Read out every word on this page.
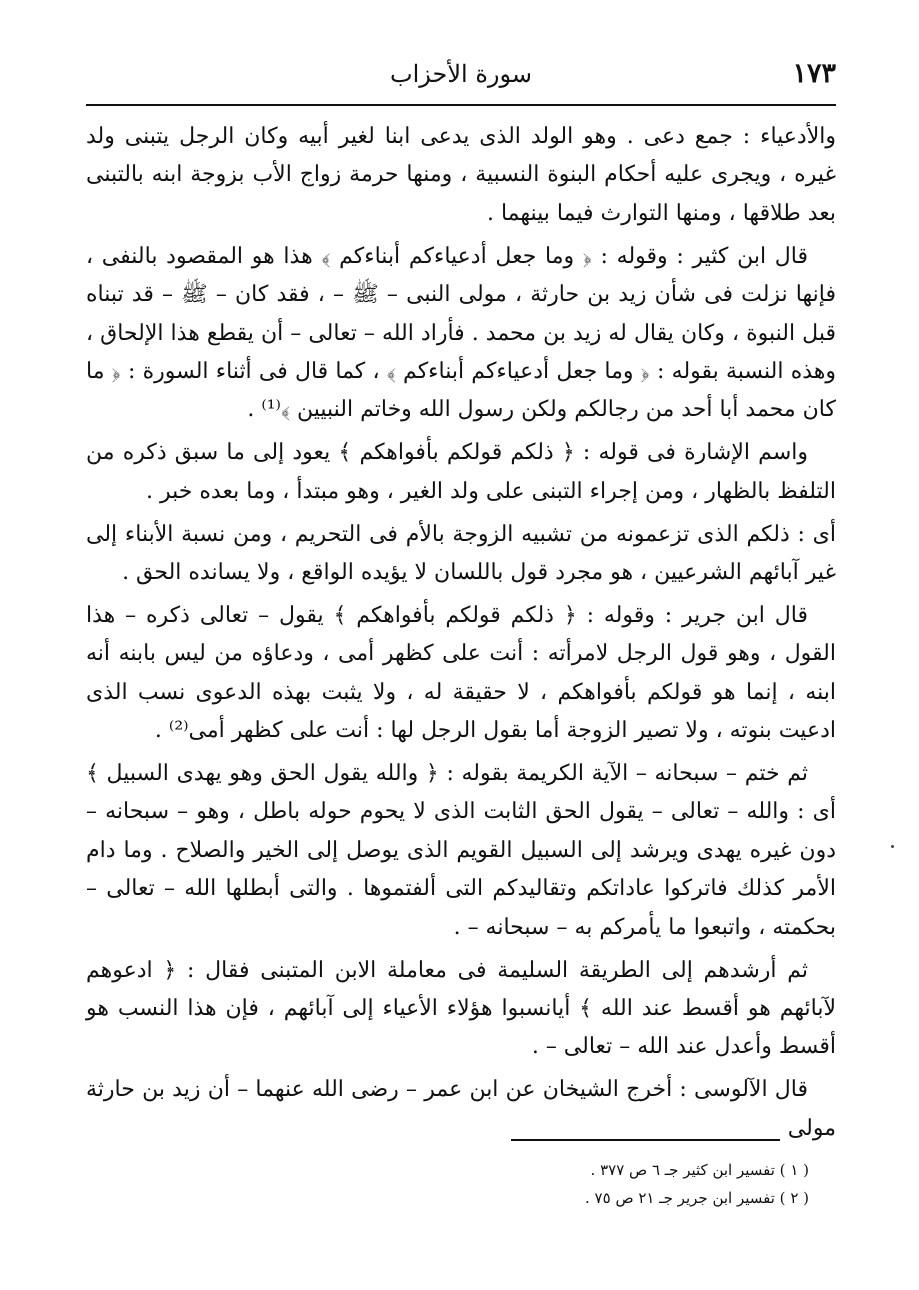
١٧٣
سورة الأحزاب

والأدعياء : جمع دعى . وهو الولد الذى يدعى ابنا لغير أبيه وكان الرجل يتبنى ولد غيره ، ويجرى عليه أحكام البنوة النسبية ، ومنها حرمة زواج الأب بزوجة ابنه بالتبنى بعد طلاقها ، ومنها التوارث فيما بينهما .

قال ابن كثير : وقوله : ﴿ وما جعل أدعياءكم أبناءكم ﴾ هذا هو المقصود بالنفى ، فإنها نزلت فى شأن زيد بن حارثة ، مولى النبى – ﷺ – ، فقد كان – ﷺ – قد تبناه قبل النبوة ، وكان يقال له زيد بن محمد . فأراد الله – تعالى – أن يقطع هذا الإلحاق ، وهذه النسبة بقوله : ﴿ وما جعل أدعياءكم أبناءكم ﴾ ، كما قال فى أثناء السورة : ﴿ ما كان محمد أبا أحد من رجالكم ولكن رسول الله وخاتم النبيين ﴾⁽¹⁾ .

واسم الإشارة فى قوله : ﴿ ذلكم قولكم بأفواهكم ﴾ يعود إلى ما سبق ذكره من التلفظ بالظهار ، ومن إجراء التبنى على ولد الغير ، وهو مبتدأ ، وما بعده خبر .

أى : ذلكم الذى تزعمونه من تشبيه الزوجة بالأم فى التحريم ، ومن نسبة الأبناء إلى غير آبائهم الشرعيين ، هو مجرد قول باللسان لا يؤيده الواقع ، ولا يسانده الحق .

قال ابن جرير : وقوله : ﴿ ذلكم قولكم بأفواهكم ﴾ يقول – تعالى ذكره – هذا القول ، وهو قول الرجل لامرأته : أنت على كظهر أمى ، ودعاؤه من ليس بابنه أنه ابنه ، إنما هو قولكم بأفواهكم ، لا حقيقة له ، ولا يثبت بهذه الدعوى نسب الذى ادعيت بنوته ، ولا تصير الزوجة أما بقول الرجل لها : أنت على كظهر أمى⁽²⁾ .

ثم ختم – سبحانه – الآية الكريمة بقوله : ﴿ والله يقول الحق وهو يهدى السبيل ﴾ أى : والله – تعالى – يقول الحق الثابت الذى لا يحوم حوله باطل ، وهو – سبحانه – دون غيره يهدى ويرشد إلى السبيل القويم الذى يوصل إلى الخير والصلاح . وما دام الأمر كذلك فاتركوا عاداتكم وتقاليدكم التى ألفتموها . والتى أبطلها الله – تعالى – بحكمته ، واتبعوا ما يأمركم به – سبحانه – .

ثم أرشدهم إلى الطريقة السليمة فى معاملة الابن المتبنى فقال : ﴿ ادعوهم لآبائهم هو أقسط عند الله ﴾ أيانسبوا هؤلاء الأعياء إلى آبائهم ، فإن هذا النسب هو أقسط وأعدل عند الله – تعالى – .

قال الآلوسى : أخرج الشيخان عن ابن عمر – رضى الله عنهما – أن زيد بن حارثة مولى

( ١ ) تفسير ابن كثير جـ ٦ ص ٣٧٧ .

( ٢ ) تفسير ابن جرير جـ ٢١ ص ٧٥ .
